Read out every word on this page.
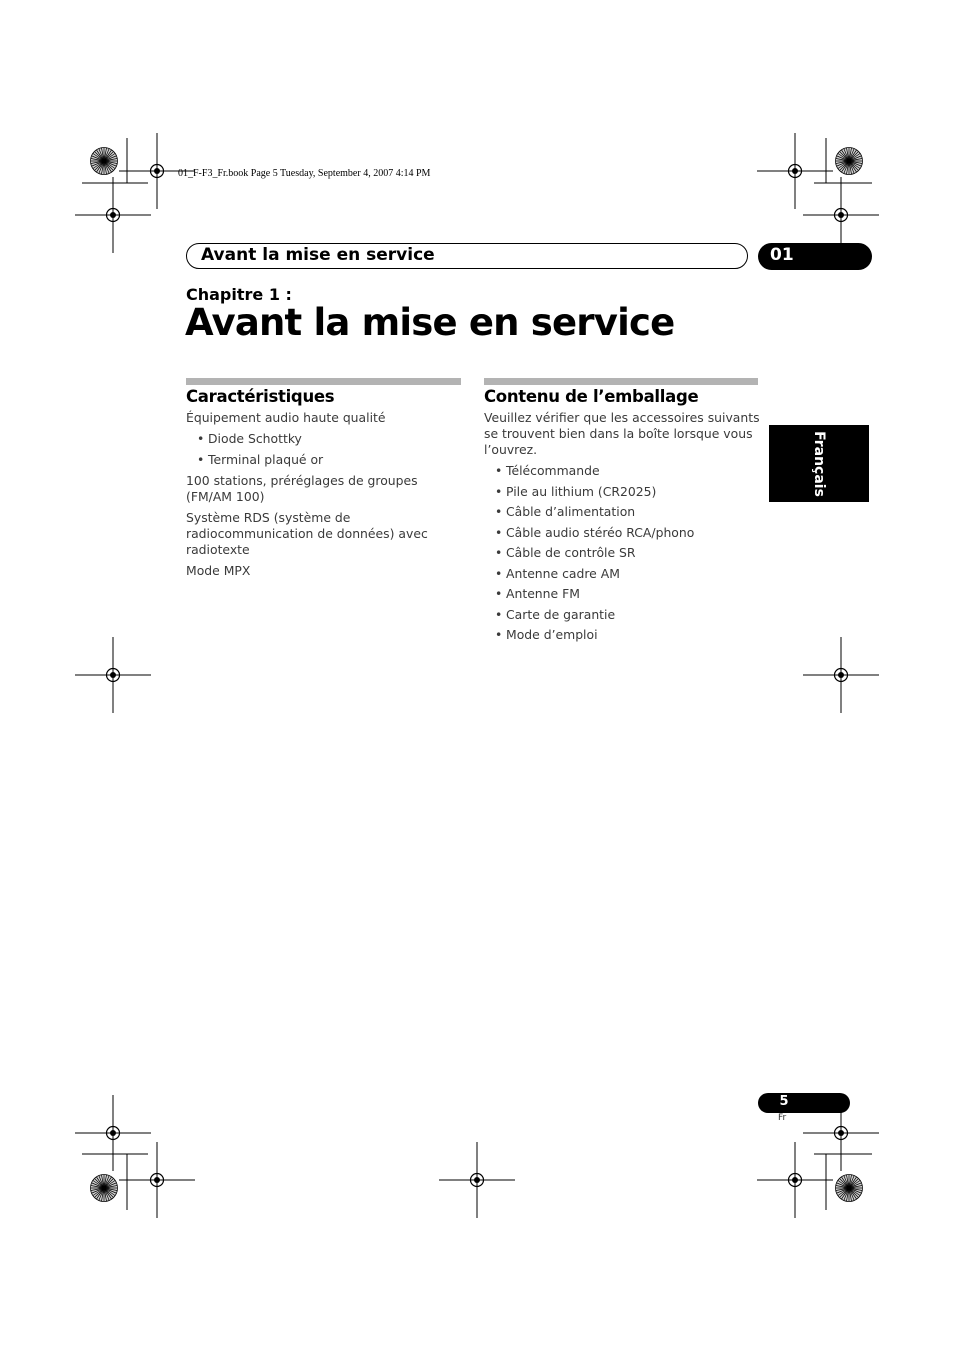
01_F-F3_Fr.book Page 5 Tuesday, September 4, 2007 4:14 PM
Avant la mise en service	01
Chapitre 1 :
Avant la mise en service
Caractéristiques

Équipement audio haute qualité

• Diode Schottky
• Terminal plaqué or

100 stations, préréglages de groupes (FM/AM 100)

Système RDS (système de radiocommunication de données) avec radiotexte

Mode MPX

Contenu de l’emballage

Veuillez vérifier que les accessoires suivants se trouvent bien dans la boîte lorsque vous l’ouvrez.

• Télécommande
• Pile au lithium (CR2025)
• Câble d’alimentation
• Câble audio stéréo RCA/phono
• Câble de contrôle SR
• Antenne cadre AM
• Antenne FM
• Carte de garantie
• Mode d’emploi
Français
5
Fr
